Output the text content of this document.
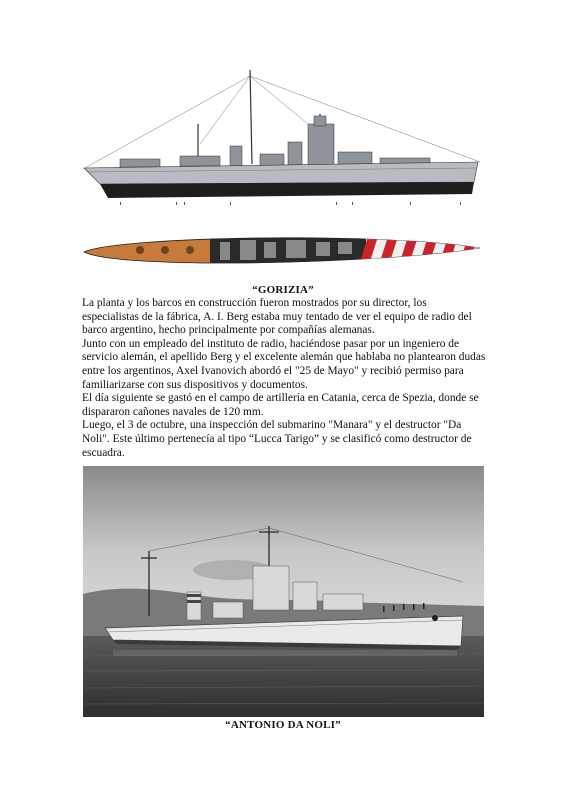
“GORIZIA”

La planta y los barcos en construcción fueron mostrados por su director, los especialistas de la fábrica, A. I. Berg estaba muy tentado de ver el equipo de radio del barco argentino, hecho principalmente por compañías alemanas.

Junto con un empleado del instituto de radio, haciéndose pasar por un ingeniero de servicio alemán, el apellido Berg y el excelente alemán que hablaba no plantearon dudas entre los argentinos, Axel Ivanovich abordó el "25 de Mayo" y recibió permiso para familiarizarse con sus dispositivos y documentos.

El día siguiente se gastó en el campo de artillería en Catania, cerca de Spezia, donde se dispararon cañones navales de 120 mm.

Luego, el 3 de octubre, una inspección del submarino "Manara" y el destructor "Da Noli". Este último pertenecía al tipo “Lucca Tarigo” y se clasificó como destructor de escuadra.

“ANTONIO DA NOLI”
